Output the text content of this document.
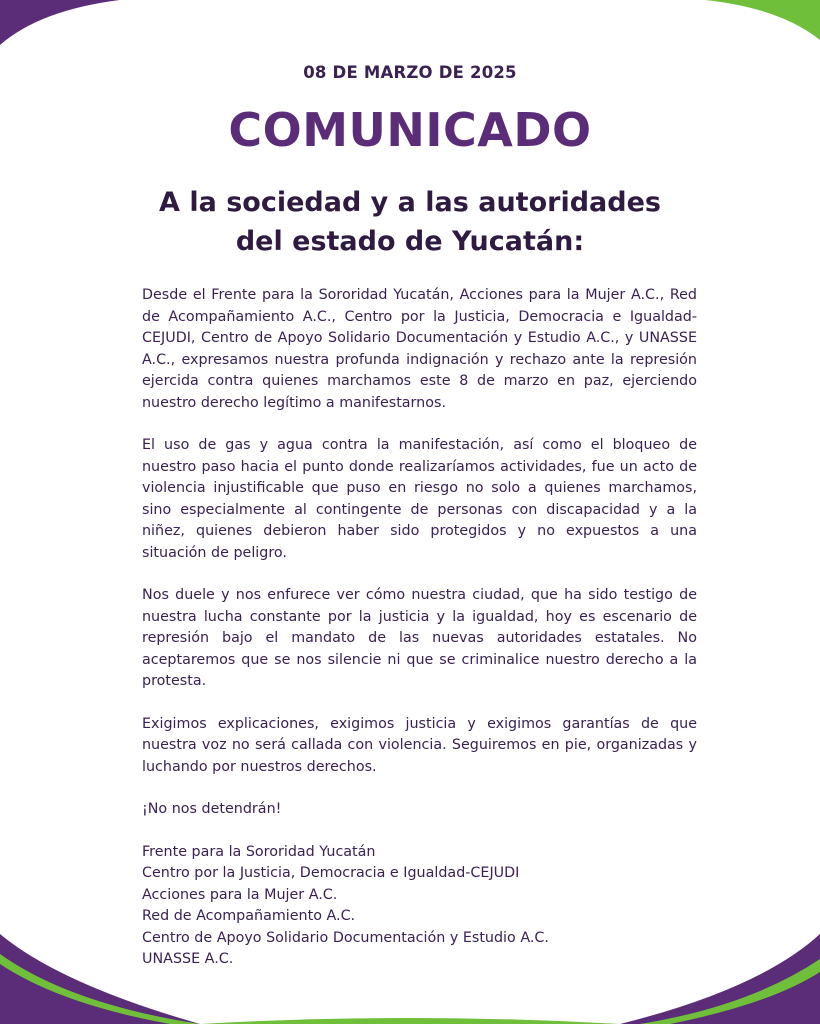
08 DE MARZO DE 2025
COMUNICADO
A la sociedad y a las autoridades
del estado de Yucatán:

Desde el Frente para la Sororidad Yucatán, Acciones para la Mujer A.C., Red de Acompañamiento A.C., Centro por la Justicia, Democracia e Igualdad-CEJUDI, Centro de Apoyo Solidario Documentación y Estudio A.C., y UNASSE A.C., expresamos nuestra profunda indignación y rechazo ante la represión ejercida contra quienes marchamos este 8 de marzo en paz, ejerciendo nuestro derecho legítimo a manifestarnos.

El uso de gas y agua contra la manifestación, así como el bloqueo de nuestro paso hacia el punto donde realizaríamos actividades, fue un acto de violencia injustificable que puso en riesgo no solo a quienes marchamos, sino especialmente al contingente de personas con discapacidad y a la niñez, quienes debieron haber sido protegidos y no expuestos a una situación de peligro.

Nos duele y nos enfurece ver cómo nuestra ciudad, que ha sido testigo de nuestra lucha constante por la justicia y la igualdad, hoy es escenario de represión bajo el mandato de las nuevas autoridades estatales. No aceptaremos que se nos silencie ni que se criminalice nuestro derecho a la protesta.

Exigimos explicaciones, exigimos justicia y exigimos garantías de que nuestra voz no será callada con violencia. Seguiremos en pie, organizadas y luchando por nuestros derechos.

¡No nos detendrán!

Frente para la Sororidad Yucatán
Centro por la Justicia, Democracia e Igualdad-CEJUDI
Acciones para la Mujer A.C.
Red de Acompañamiento A.C.
Centro de Apoyo Solidario Documentación y Estudio A.C.
UNASSE A.C.
